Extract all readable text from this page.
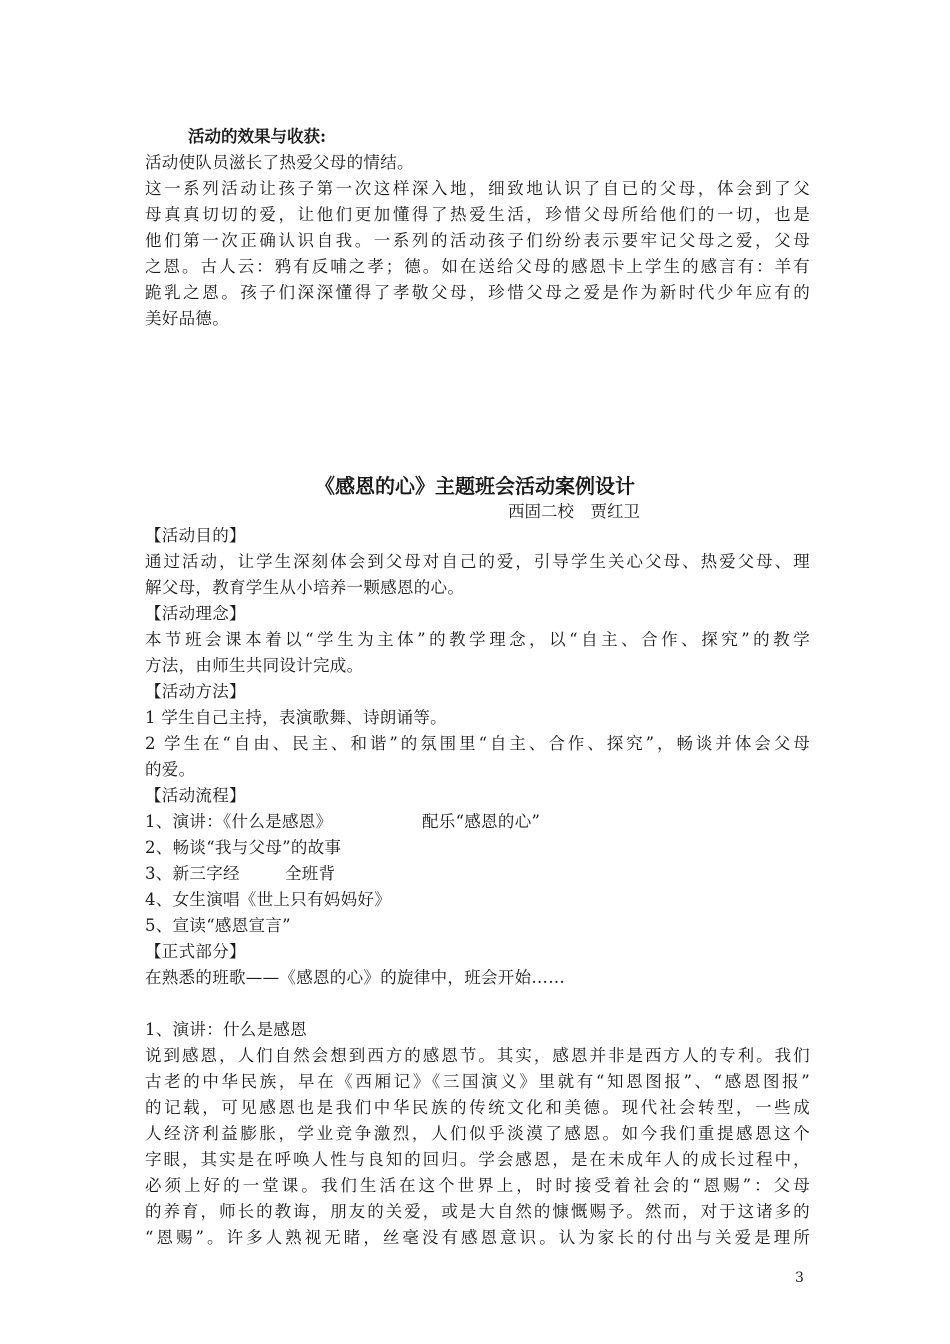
活动的效果与收获:
活动使队员滋长了热爱父母的情结。
这一系列活动让孩子第一次这样深入地，细致地认识了自已的父母，体会到了父
母真真切切的爱，让他们更加懂得了热爱生活，珍惜父母所给他们的一切，也是
他们第一次正确认识自我。一系列的活动孩子们纷纷表示要牢记父母之爱，父母
之恩。古人云：鸦有反哺之孝；德。如在送给父母的感恩卡上学生的感言有：羊有
跪乳之恩。孩子们深深懂得了孝敬父母，珍惜父母之爱是作为新时代少年应有的
美好品德。
《感恩的心》主题班会活动案例设计
西固二校　贾红卫
【活动目的】
通过活动，让学生深刻体会到父母对自己的爱，引导学生关心父母、热爱父母、理
解父母，教育学生从小培养一颗感恩的心。
【活动理念】
本节班会课本着以“学生为主体”的教学理念，以“自主、合作、探究”的教学
方法，由师生共同设计完成。
【活动方法】
1 学生自己主持，表演歌舞、诗朗诵等。
2 学生在“自由、民主、和谐”的氛围里“自主、合作、探究”，畅谈并体会父母
的爱。
【活动流程】
1、演讲：《什么是感恩》	配乐“感恩的心”
2、畅谈“我与父母”的故事
3、新三字经	全班背
4、女生演唱《世上只有妈妈好》
5、宣读“感恩宣言”
【正式部分】
在熟悉的班歌——《感恩的心》的旋律中，班会开始……
1、演讲：什么是感恩
说到感恩，人们自然会想到西方的感恩节。其实，感恩并非是西方人的专利。我们
古老的中华民族，早在《西厢记》《三国演义》里就有“知恩图报”、“感恩图报”
的记载，可见感恩也是我们中华民族的传统文化和美德。现代社会转型，一些成
人经济利益膨胀，学业竞争激烈，人们似乎淡漠了感恩。如今我们重提感恩这个
字眼，其实是在呼唤人性与良知的回归。学会感恩，是在未成年人的成长过程中，
必须上好的一堂课。我们生活在这个世界上，时时接受着社会的“恩赐”：父母
的养育，师长的教诲，朋友的关爱，或是大自然的慷慨赐予。然而，对于这诸多的
“恩赐”。许多人熟视无睹，丝毫没有感恩意识。认为家长的付出与关爱是理所
3
